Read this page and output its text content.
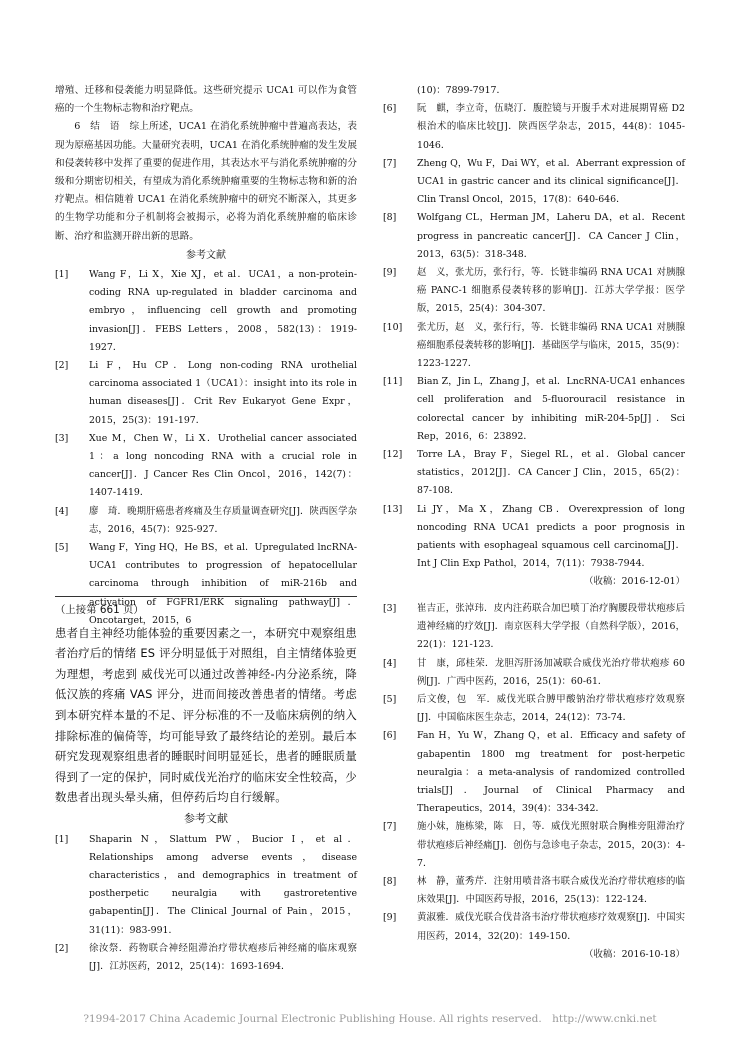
增殖、迁移和侵袭能力明显降低。这些研究提示 UCA1 可以作为食管癌的一个生物标志物和治疗靶点。

6　结　语　综上所述，UCA1 在消化系统肿瘤中普遍高表达，表现为原癌基因功能。大量研究表明，UCA1 在消化系统肿瘤的发生发展和侵袭转移中发挥了重要的促进作用，其表达水平与消化系统肿瘤的分级和分期密切相关，有望成为消化系统肿瘤重要的生物标志物和新的治疗靶点。相信随着 UCA1 在消化系统肿瘤中的研究不断深入，其更多的生物学功能和分子机制将会被揭示，必将为消化系统肿瘤的临床诊断、治疗和监测开辟出新的思路。

参考文献
[1] Wang F，Li X，Xie XJ，et al．UCA1，a non-protein-coding RNA up-regulated in bladder carcinoma and embryo，influencing cell growth and promoting invasion[J]．FEBS Letters，2008，582(13)：1919-1927．
[2] Li F，Hu CP．Long non-coding RNA urothelial carcinoma associated 1（UCA1）：insight into its role in human diseases[J]．Crit Rev Eukaryot Gene Expr，2015，25(3)：191-197．
[3] Xue M，Chen W，Li X．Urothelial cancer associated 1：a long noncoding RNA with a crucial role in cancer[J]．J Cancer Res Clin Oncol，2016，142(7)：1407-1419．
[4] 廖　琦．晚期肝癌患者疼痛及生存质量调查研究[J]．陕西医学杂志，2016，45(7)：925-927．
[5] Wang F，Ying HQ，He BS，et al．Upregulated lncRNA-UCA1 contributes to progression of hepatocellular carcinoma through inhibition of miR-216b and activation of FGFR1/ERK signaling pathway[J]．Oncotarget，2015，6

(10)：7899-7917．

[6] 阮　麒，李立奇，伍晓汀．腹腔镜与开腹手术对进展期胃癌 D2 根治术的临床比较[J]．陕西医学杂志，2015，44(8)：1045-1046．
[7] Zheng Q，Wu F，Dai WY，et al．Aberrant expression of UCA1 in gastric cancer and its clinical significance[J]．Clin Transl Oncol，2015，17(8)：640-646．
[8] Wolfgang CL，Herman JM，Laheru DA，et al．Recent progress in pancreatic cancer[J]．CA Cancer J Clin，2013，63(5)：318-348．
[9] 赵　义，张尤历，张行行，等．长链非编码 RNA UCA1 对胰腺癌 PANC-1 细胞系侵袭转移的影响[J]．江苏大学学报：医学版，2015，25(4)：304-307．
[10] 张尤历，赵　义，张行行，等．长链非编码 RNA UCA1 对胰腺癌细胞系侵袭转移的影响[J]．基础医学与临床，2015，35(9)：1223-1227．
[11] Bian Z，Jin L，Zhang J，et al．LncRNA-UCA1 enhances cell proliferation and 5-fluorouracil resistance in colorectal cancer by inhibiting miR-204-5p[J]．Sci Rep，2016，6：23892．
[12] Torre LA，Bray F，Siegel RL，et al．Global cancer statistics，2012[J]．CA Cancer J Clin，2015，65(2)：87-108．
[13] Li JY，Ma X，Zhang CB．Overexpression of long noncoding RNA UCA1 predicts a poor prognosis in patients with esophageal squamous cell carcinoma[J]．Int J Clin Exp Pathol，2014，7(11)：7938-7944．

（收稿：2016-12-01）

（上接第 661 页）

患者自主神经功能体验的重要因素之一，本研究中观察组患者治疗后的情绪 ES 评分明显低于对照组，自主情绪体验更为理想，考虑到 威伐光可以通过改善神经-内分泌系统，降低汉族的疼痛 VAS 评分，进而间接改善患者的情绪。考虑到本研究样本量的不足、评分标准的不一及临床病例的纳入排除标准的偏倚等，均可能导致了最终结论的差别。最后本研究发现观察组患者的睡眠时间明显延长，患者的睡眠质量得到了一定的保护，同时威伐光治疗的临床安全性较高，少数患者出现头晕头痛，但停药后均自行缓解。

参考文献
[1] Shaparin N，Slattum PW，Bucior I，et al．Relationships among adverse events，disease characteristics，and demographics in treatment of postherpetic neuralgia with gastroretentive gabapentin[J]．The Clinical Journal of Pain，2015，31(11)：983-991．
[2] 徐汝祭．药物联合神经阻滞治疗带状疱疹后神经痛的临床观察[J]．江苏医药，2012，25(14)：1693-1694．
[3] 崔吉正，张淖玮．皮内注药联合加巴喷丁治疗胸腰段带状疱疹后遗神经痛的疗效[J]．南京医科大学学报（自然科学版），2016，22(1)：121-123．
[4] 甘　康，邱桂荣．龙胆泻肝汤加减联合威伐光治疗带状疱疹 60 例[J]．广西中医药，2016，25(1)：60-61．
[5] 后文俊，包　军．威伐光联合膊甲酸钠治疗带状疱疹疗效观察[J]．中国临床医生杂志，2014，24(12)：73-74．
[6] Fan H，Yu W，Zhang Q，et al．Efficacy and safety of gabapentin 1800 mg treatment for post-herpetic neuralgia：a meta-analysis of randomized controlled trials[J]．Journal of Clinical Pharmacy and Therapeutics，2014，39(4)：334-342．
[7] 施小妹，施栋梁，陈　日，等．威伐光照射联合胸椎旁阻滞治疗带状疱疹后神经痛[J]．创伤与急诊电子杂志，2015，20(3)：4-7．
[8] 林　静，董秀芹．注射用喷昔洛韦联合威伐光治疗带状疱疹的临床效果[J]．中国医药导报，2016，25(13)：122-124．
[9] 黄淑雅．威伐光联合伐昔洛韦治疗带状疱疹疗效观察[J]．中国实用医药，2014，32(20)：149-150．

（收稿：2016-10-18）

?1994-2017 China Academic Journal Electronic Publishing House. All rights reserved.　http://www.cnki.net
